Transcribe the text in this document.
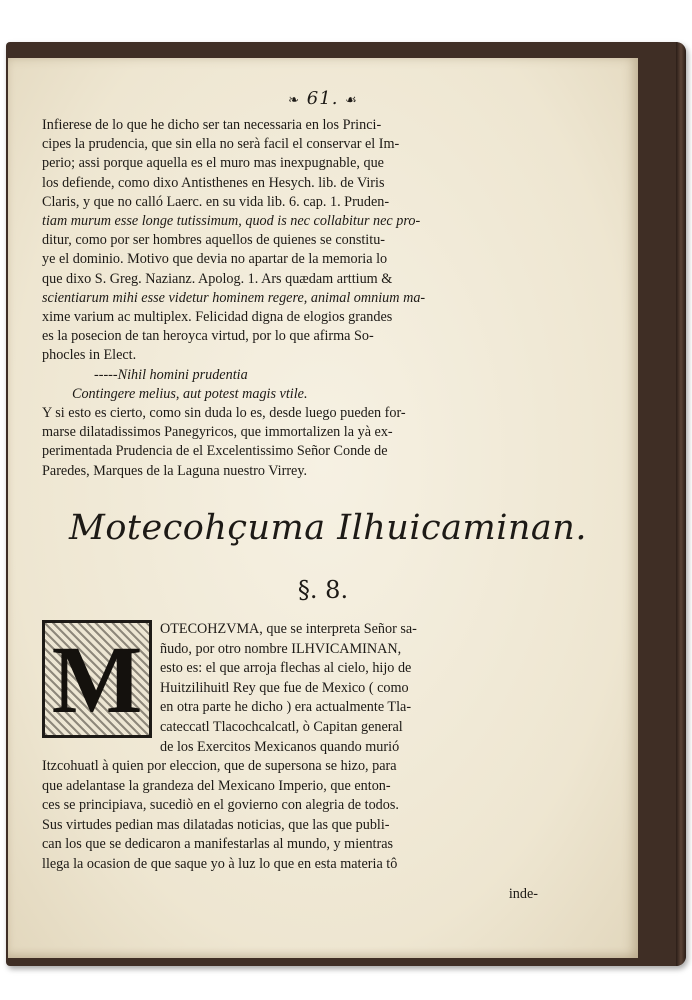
❧ 61. ☙
Infierese de lo que he dicho ser tan necessaria en los Princi-
cipes la prudencia, que sin ella no serà facil el conservar el Im-
perio; assi porque aquella es el muro mas inexpugnable, que
los defiende, como dixo Antisthenes en Hesych. lib. de Viris
Claris, y que no calló Laerc. en su vida lib. 6. cap. 1. Pruden-
tiam murum esse longe tutissimum, quod is nec collabitur nec pro-
ditur, como por ser hombres aquellos de quienes se constitu-
ye el dominio. Motivo que devia no apartar de la memoria lo
que dixo S. Greg. Nazianz. Apolog. 1. Ars quædam arttium &
scientiarum mihi esse videtur hominem regere, animal omnium ma-
xime varium ac multiplex. Felicidad digna de elogios grandes
es la posecion de tan heroyca virtud, por lo que afirma So-
phocles in Elect.
-----Nihil homini prudentia
Contingere melius, aut potest magis vtile.
Y si esto es cierto, como sin duda lo es, desde luego pueden for-
marse dilatadissimos Panegyricos, que immortalizen la yà ex-
perimentada Prudencia de el Excelentissimo Señor Conde de
Paredes, Marques de la Laguna nuestro Virrey.
Motecohçuma Ilhuicaminan.
§. 8.
M	OTECOHZVMA, que se interpreta Señor sa-
ñudo, por otro nombre ILHVICAMINAN,
esto es: el que arroja flechas al cielo, hijo de
Huitzilihuitl Rey que fue de Mexico ( como
en otra parte he dicho ) era actualmente Tla-
cateccatl Tlacochcalcatl, ò Capitan general
de los Exercitos Mexicanos quando murió
Itzcohuatl à quien por eleccion, que de supersona se hizo, para
que adelantase la grandeza del Mexicano Imperio, que enton-
ces se principiava, sucediò en el govierno con alegria de todos.
Sus virtudes pedian mas dilatadas noticias, que las que publi-
can los que se dedicaron a manifestarlas al mundo, y mientras
llega la ocasion de que saque yo à luz lo que en esta materia tô
inde-
